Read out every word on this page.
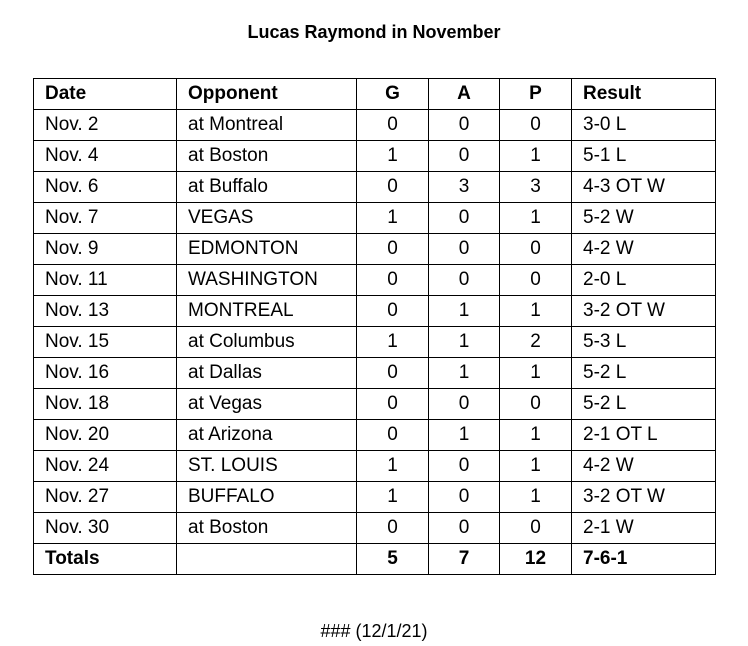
Lucas Raymond in November
Date	Opponent	G	A	P	Result
Nov. 2	at Montreal	0	0	0	3-0 L
Nov. 4	at Boston	1	0	1	5-1 L
Nov. 6	at Buffalo	0	3	3	4-3 OT W
Nov. 7	VEGAS	1	0	1	5-2 W
Nov. 9	EDMONTON	0	0	0	4-2 W
Nov. 11	WASHINGTON	0	0	0	2-0 L
Nov. 13	MONTREAL	0	1	1	3-2 OT W
Nov. 15	at Columbus	1	1	2	5-3 L
Nov. 16	at Dallas	0	1	1	5-2 L
Nov. 18	at Vegas	0	0	0	5-2 L
Nov. 20	at Arizona	0	1	1	2-1 OT L
Nov. 24	ST. LOUIS	1	0	1	4-2 W
Nov. 27	BUFFALO	1	0	1	3-2 OT W
Nov. 30	at Boston	0	0	0	2-1 W
Totals		5	7	12	7-6-1
### (12/1/21)
